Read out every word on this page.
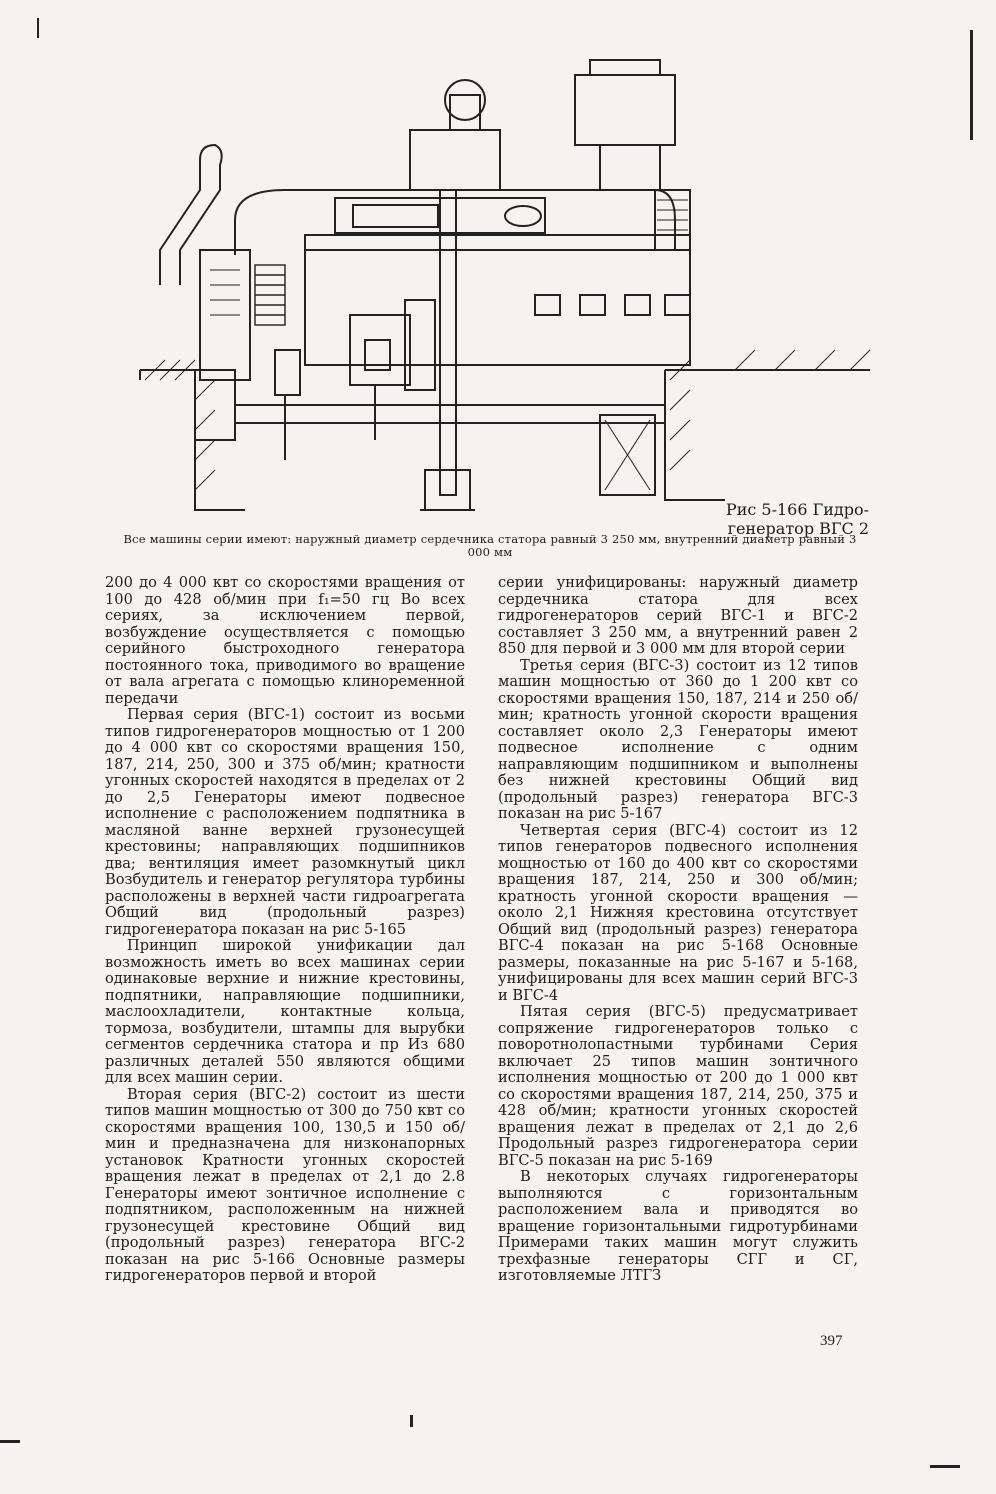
Рис 5-166 Гидро-генератор ВГС 2
Все машины серии имеют: наружный диаметр сердечника статора равный 3 250 мм, внутренний диаметр равный 3 000 мм

200 до 4 000 квт со скоростями вращения от 100 до 428 об/мин при f₁=50 гц Во всех сериях, за исключением первой, возбуждение осуществляется с помощью серийного быстроходного генератора постоянного тока, приводимого во вращение от вала агрегата с помощью клиноременной передачи

Первая серия (ВГС-1) состоит из восьми типов гидрогенераторов мощностью от 1 200 до 4 000 квт со скоростями вращения 150, 187, 214, 250, 300 и 375 об/мин; кратности угонных скоростей находятся в пределах от 2 до 2,5 Генераторы имеют подвесное исполнение с расположением подпятника в масляной ванне верхней грузонесущей крестовины; направляющих подшипников два; вентиляция имеет разомкнутый цикл Возбудитель и генератор регулятора турбины расположены в верхней части гидроагрегата Общий вид (продольный разрез) гидрогенератора показан на рис 5-165

Принцип широкой унификации дал возможность иметь во всех машинах серии одинаковые верхние и нижние крестовины, подпятники, направляющие подшипники, маслоохладители, контактные кольца, тормоза, возбудители, штампы для вырубки сегментов сердечника статора и пр Из 680 различных деталей 550 являются общими для всех машин серии.

Вторая серия (ВГС-2) состоит из шести типов машин мощностью от 300 до 750 квт со скоростями вращения 100, 130,5 и 150 об/мин и предназначена для низконапорных установок Кратности угонных скоростей вращения лежат в пределах от 2,1 до 2.8 Генераторы имеют зонтичное исполнение с подпятником, расположенным на нижней грузонесущей крестовине Общий вид (продольный разрез) генератора ВГС-2 показан на рис 5-166 Основные размеры гидрогенераторов первой и второй

серии унифицированы: наружный диаметр сердечника статора для всех гидрогенераторов серий ВГС-1 и ВГС-2 составляет 3 250 мм, а внутренний равен 2 850 для первой и 3 000 мм для второй серии

Третья серия (ВГС-3) состоит из 12 типов машин мощностью от 360 до 1 200 квт со скоростями вращения 150, 187, 214 и 250 об/мин; кратность угонной скорости вращения составляет около 2,3 Генераторы имеют подвесное исполнение с одним направляющим подшипником и выполнены без нижней крестовины Общий вид (продольный разрез) генератора ВГС-3 показан на рис 5-167

Четвертая серия (ВГС-4) состоит из 12 типов генераторов подвесного исполнения мощностью от 160 до 400 квт со скоростями вращения 187, 214, 250 и 300 об/мин; кратность угонной скорости вращения — около 2,1 Нижняя крестовина отсутствует Общий вид (продольный разрез) генератора ВГС-4 показан на рис 5-168 Основные размеры, показанные на рис 5-167 и 5-168, унифицированы для всех машин серий ВГС-3 и ВГС-4

Пятая серия (ВГС-5) предусматривает сопряжение гидрогенераторов только с поворотнолопастными турбинами Серия включает 25 типов машин зонтичного исполнения мощностью от 200 до 1 000 квт со скоростями вращения 187, 214, 250, 375 и 428 об/мин; кратности угонных скоростей вращения лежат в пределах от 2,1 до 2,6 Продольный разрез гидрогенератора серии ВГС-5 показан на рис 5-169

В некоторых случаях гидрогенераторы выполняются с горизонтальным расположением вала и приводятся во вращение горизонтальными гидротурбинами Примерами таких машин могут служить трехфазные генераторы СГГ и СГ, изготовляемые ЛТГЗ

397
